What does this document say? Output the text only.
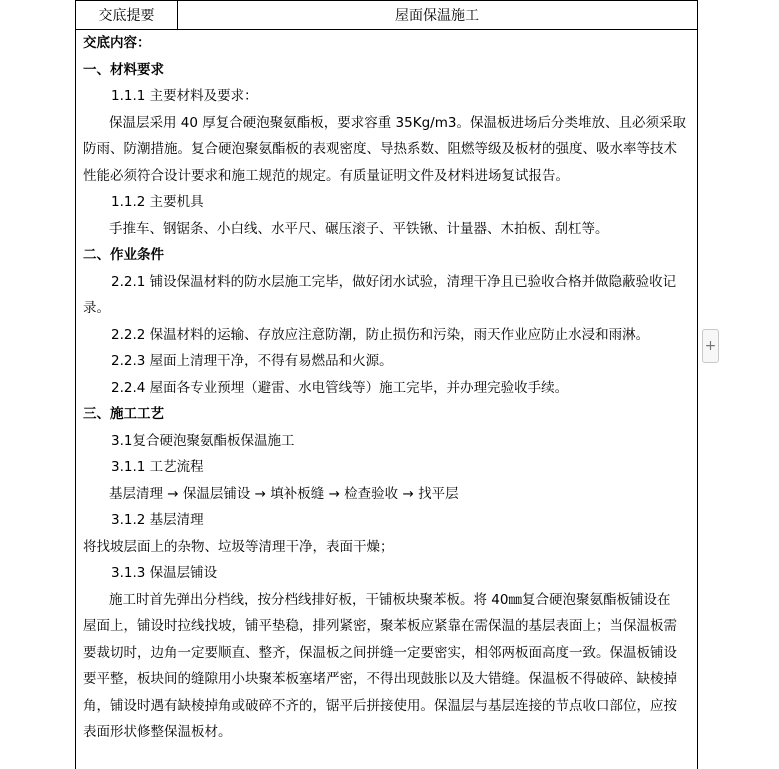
交底提要	屋面保温施工
交底内容：
一、材料要求
1.1.1 主要材料及要求：
保温层采用 40 厚复合硬泡聚氨酯板，要求容重 35Kg/m3。保温板进场后分类堆放、且必须采取
防雨、防潮措施。复合硬泡聚氨酯板的表观密度、导热系数、阻燃等级及板材的强度、吸水率等技术
性能必须符合设计要求和施工规范的规定。有质量证明文件及材料进场复试报告。
1.1.2 主要机具
手推车、钢锯条、小白线、水平尺、碾压滚子、平铁锹、计量器、木拍板、刮杠等。
二、作业条件
2.2.1 铺设保温材料的防水层施工完毕，做好闭水试验，清理干净且已验收合格并做隐蔽验收记
录。
2.2.2 保温材料的运输、存放应注意防潮，防止损伤和污染，雨天作业应防止水浸和雨淋。
2.2.3 屋面上清理干净，不得有易燃品和火源。
2.2.4 屋面各专业预埋（避雷、水电管线等）施工完毕，并办理完验收手续。
三、施工工艺
3.1复合硬泡聚氨酯板保温施工
3.1.1 工艺流程
基层清理 → 保温层铺设 → 填补板缝 → 检查验收 → 找平层
3.1.2 基层清理
将找坡层面上的杂物、垃圾等清理干净，表面干燥；
3.1.3 保温层铺设
施工时首先弹出分档线，按分档线排好板，干铺板块聚苯板。将 40㎜复合硬泡聚氨酯板铺设在
屋面上，铺设时拉线找坡，铺平垫稳，排列紧密，聚苯板应紧靠在需保温的基层表面上；当保温板需
要裁切时，边角一定要顺直、整齐，保温板之间拼缝一定要密实，相邻两板面高度一致。保温板铺设
要平整，板块间的缝隙用小块聚苯板塞堵严密，不得出现鼓胀以及大错缝。保温板不得破碎、缺棱掉
角，铺设时遇有缺棱掉角或破碎不齐的，锯平后拼接使用。保温层与基层连接的节点收口部位，应按
表面形状修整保温板材。
+
